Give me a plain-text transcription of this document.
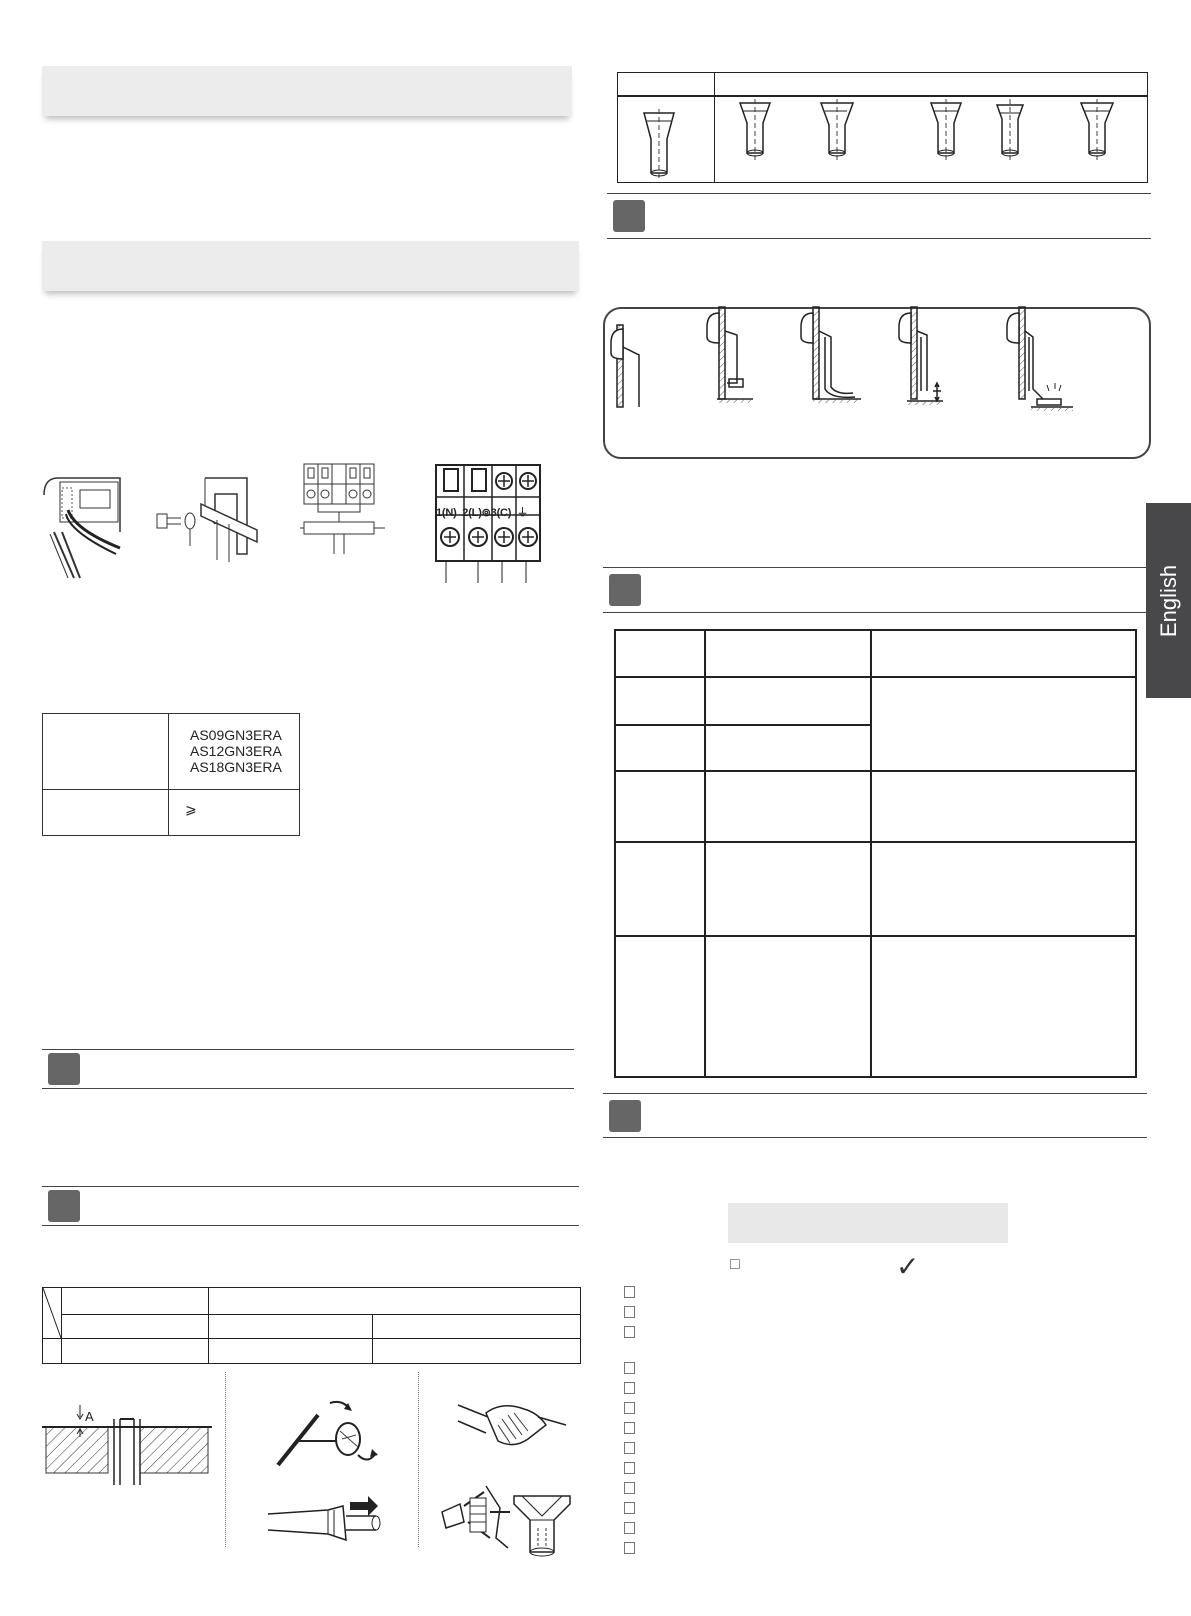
1(N)  2(L)⊚3(C)  ⏚
AS09GN3ERA
AS12GN3ERA
AS18GN3ERA
⩾
A
English
□	✓
